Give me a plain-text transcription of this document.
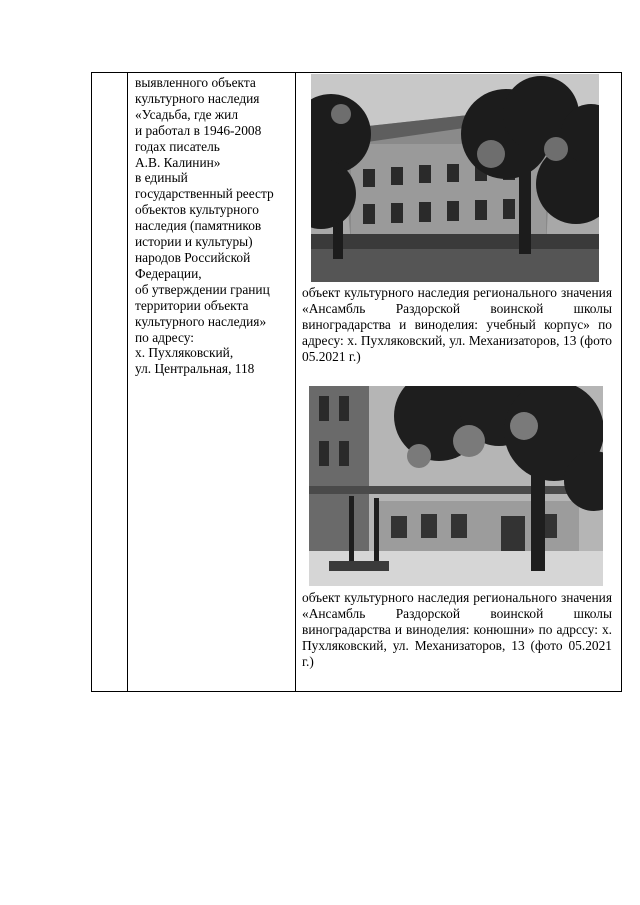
выявленного объекта
культурного наследия
«Усадьба, где жил
и работал в 1946-2008
годах писатель
А.В. Калинин»
в единый
государственный реестр
объектов культурного
наследия (памятников
истории и культуры)
народов Российской
Федерации,
об утверждении границ
территории объекта
культурного наследия»
по адресу:
х. Пухляковский,
ул. Центральная, 118
объект культурного наследия регионального значения «Ансамбль Раздорской воинской школы виноградарства и виноделия: учебный корпус» по адресу: х. Пухляковский, ул. Механизаторов, 13 (фото 05.2021 г.)
объект культурного наследия регионального значения «Ансамбль Раздорской воинской школы виноградарства и виноделия: конюшни» по адрссу: х. Пухляковский, ул. Механизаторов, 13 (фото 05.2021 г.)
